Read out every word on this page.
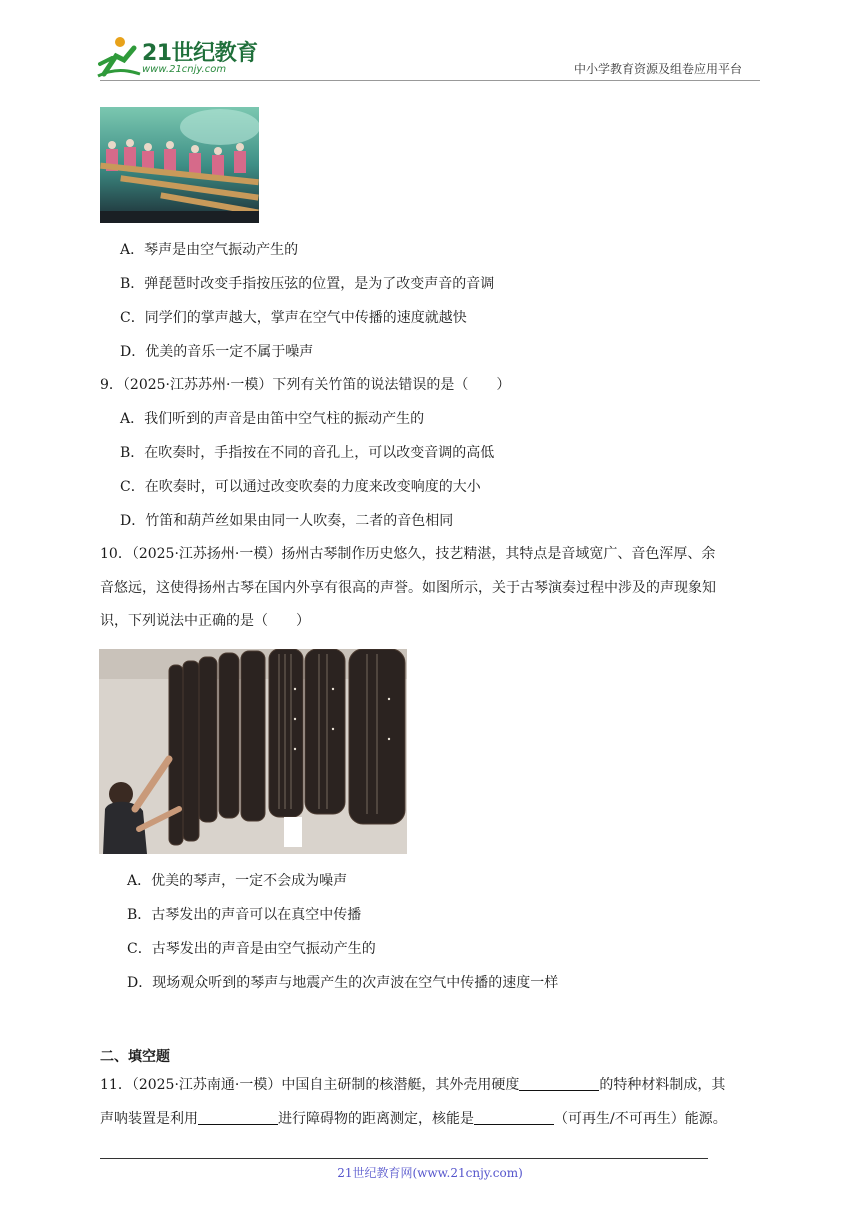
21世纪教育
www.21cnjy.com	中小学教育资源及组卷应用平台
A．琴声是由空气振动产生的
B．弹琵琶时改变手指按压弦的位置，是为了改变声音的音调
C．同学们的掌声越大，掌声在空气中传播的速度就越快
D．优美的音乐一定不属于噪声
9．（2025·江苏苏州·一模）下列有关竹笛的说法错误的是（　　）
A．我们听到的声音是由笛中空气柱的振动产生的
B．在吹奏时，手指按在不同的音孔上，可以改变音调的高低
C．在吹奏时，可以通过改变吹奏的力度来改变响度的大小
D．竹笛和葫芦丝如果由同一人吹奏，二者的音色相同
10．（2025·江苏扬州·一模）扬州古琴制作历史悠久，技艺精湛，其特点是音域宽广、音色浑厚、余
音悠远，这使得扬州古琴在国内外享有很高的声誉。如图所示，关于古琴演奏过程中涉及的声现象知
识，下列说法中正确的是（　　）
A．优美的琴声，一定不会成为噪声
B．古琴发出的声音可以在真空中传播
C．古琴发出的声音是由空气振动产生的
D．现场观众听到的琴声与地震产生的次声波在空气中传播的速度一样
二、填空题
11．（2025·江苏南通·一模）中国自主研制的核潜艇，其外壳用硬度	的特种材料制成，其
声呐装置是利用	进行障碍物的距离测定，核能是	（可再生/不可再生）能源。
21世纪教育网(www.21cnjy.com)
